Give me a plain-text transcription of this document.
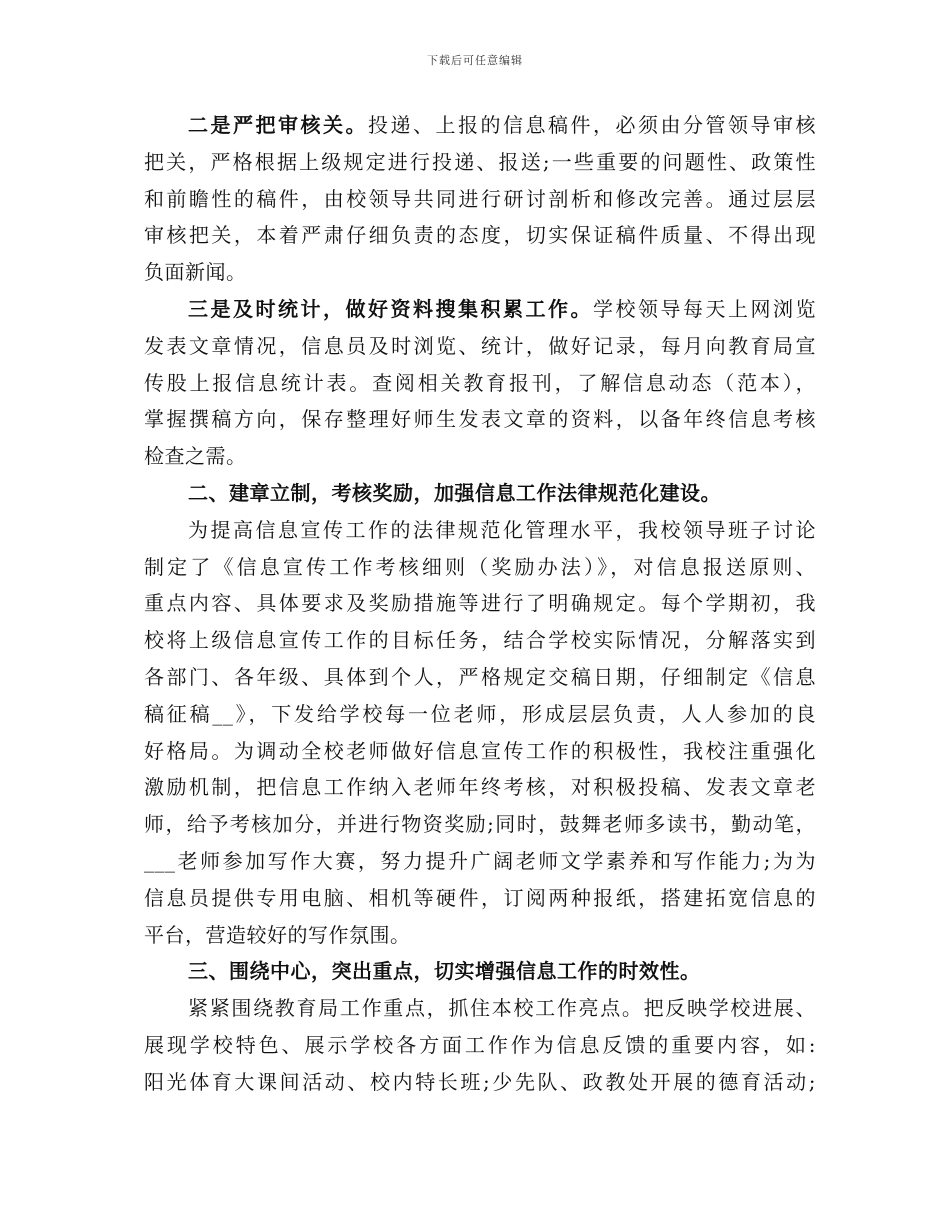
下载后可任意编辑
二是严把审核关。投递、上报的信息稿件，必须由分管领导审核
把关，严格根据上级规定进行投递、报送;一些重要的问题性、政策性
和前瞻性的稿件，由校领导共同进行研讨剖析和修改完善。通过层层
审核把关，本着严肃仔细负责的态度，切实保证稿件质量、不得出现
负面新闻。
三是及时统计，做好资料搜集积累工作。学校领导每天上网浏览
发表文章情况，信息员及时浏览、统计，做好记录，每月向教育局宣
传股上报信息统计表。查阅相关教育报刊，了解信息动态（范本），
掌握撰稿方向，保存整理好师生发表文章的资料，以备年终信息考核
检查之需。
二、建章立制，考核奖励，加强信息工作法律规范化建设。
为提高信息宣传工作的法律规范化管理水平，我校领导班子讨论
制定了《信息宣传工作考核细则（奖励办法）》，对信息报送原则、
重点内容、具体要求及奖励措施等进行了明确规定。每个学期初，我
校将上级信息宣传工作的目标任务，结合学校实际情况，分解落实到
各部门、各年级、具体到个人，严格规定交稿日期，仔细制定《信息
稿征稿__》，下发给学校每一位老师，形成层层负责，人人参加的良
好格局。为调动全校老师做好信息宣传工作的积极性，我校注重强化
激励机制，把信息工作纳入老师年终考核，对积极投稿、发表文章老
师，给予考核加分，并进行物资奖励;同时，鼓舞老师多读书，勤动笔，
___老师参加写作大赛，努力提升广阔老师文学素养和写作能力;为为
信息员提供专用电脑、相机等硬件，订阅两种报纸，搭建拓宽信息的
平台，营造较好的写作氛围。
三、围绕中心，突出重点，切实增强信息工作的时效性。
紧紧围绕教育局工作重点，抓住本校工作亮点。把反映学校进展、
展现学校特色、展示学校各方面工作作为信息反馈的重要内容，如:
阳光体育大课间活动、校内特长班;少先队、政教处开展的德育活动;
